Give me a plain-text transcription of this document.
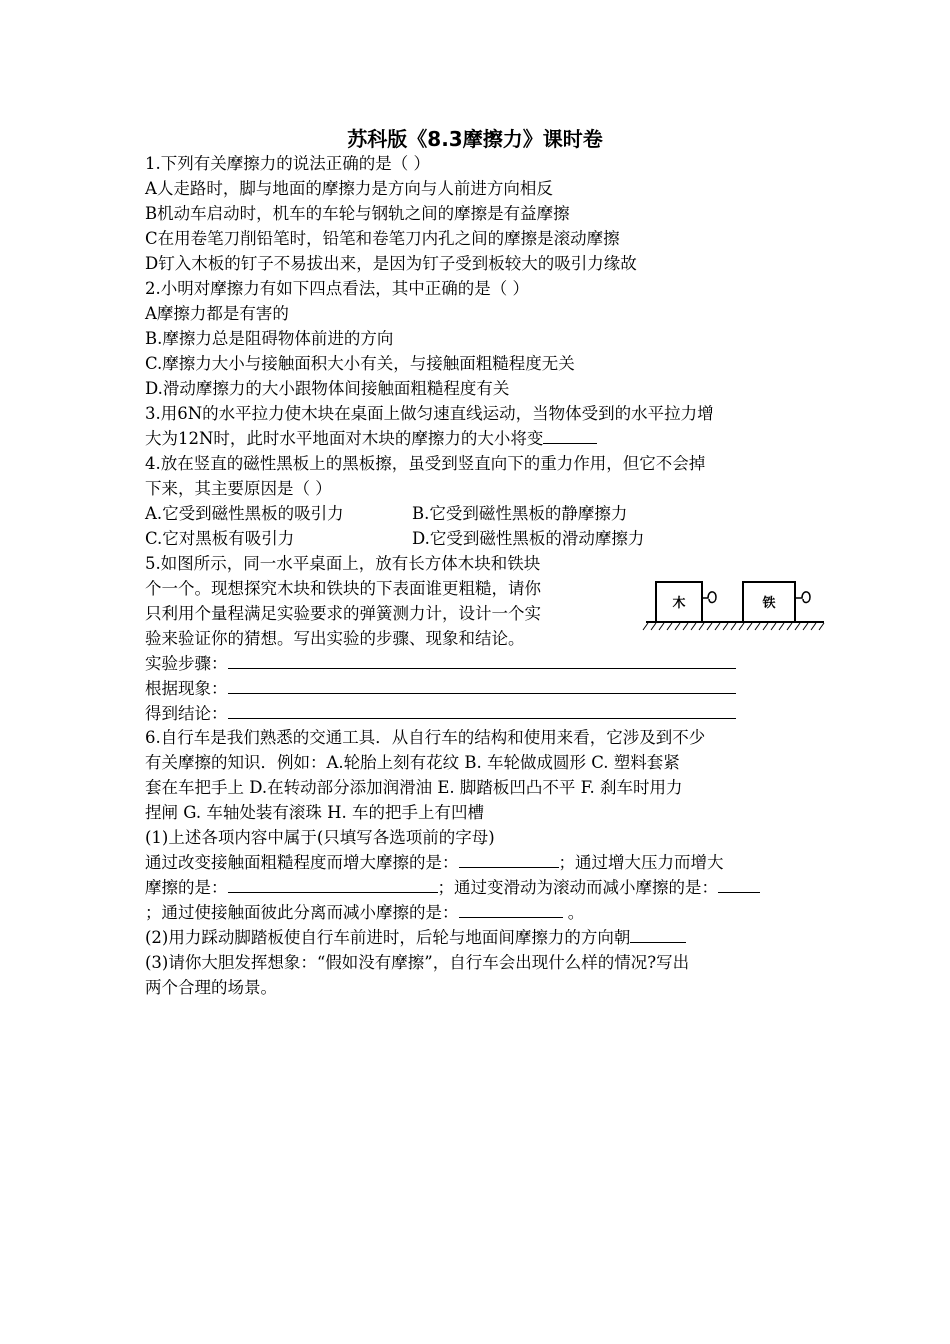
苏科版《8.3摩擦力》课时卷
1.下列有关摩擦力的说法正确的是（ ）
A人走路时，脚与地面的摩擦力是方向与人前进方向相反
B机动车启动时，机车的车轮与钢轨之间的摩擦是有益摩擦
C在用卷笔刀削铅笔时，铅笔和卷笔刀内孔之间的摩擦是滚动摩擦
D钉入木板的钉子不易拔出来，是因为钉子受到板较大的吸引力缘故
2.小明对摩擦力有如下四点看法，其中正确的是（ ）
A摩擦力都是有害的
B.摩擦力总是阻碍物体前进的方向
C.摩擦力大小与接触面积大小有关，与接触面粗糙程度无关
D.滑动摩擦力的大小跟物体间接触面粗糙程度有关
3.用6N的水平拉力使木块在桌面上做匀速直线运动，当物体受到的水平拉力增
大为12N时，此时水平地面对木块的摩擦力的大小将变
4.放在竖直的磁性黑板上的黑板擦，虽受到竖直向下的重力作用，但它不会掉
下来，其主要原因是（ ）
A.它受到磁性黑板的吸引力	B.它受到磁性黑板的静摩擦力
C.它对黑板有吸引力	D.它受到磁性黑板的滑动摩擦力
5.如图所示，同一水平桌面上，放有长方体木块和铁块
个一个。现想探究木块和铁块的下表面谁更粗糙，请你
只利用个量程满足实验要求的弹簧测力计，设计一个实
验来验证你的猜想。写出实验的步骤、现象和结论。
木	铁
实验步骤：
根据现象：
得到结论：
6.自行车是我们熟悉的交通工具．从自行车的结构和使用来看，它涉及到不少
有关摩擦的知识．例如：A.轮胎上刻有花纹 B. 车轮做成圆形 C. 塑料套紧
套在车把手上 D.在转动部分添加润滑油 E. 脚踏板凹凸不平 F. 刹车时用力
捏闸 G. 车轴处装有滚珠 H. 车的把手上有凹槽
(1)上述各项内容中属于(只填写各选项前的字母)
通过改变接触面粗糙程度而增大摩擦的是：	；通过增大压力而增大
摩擦的是：	；通过变滑动为滚动而减小摩擦的是：
；通过使接触面彼此分离而减小摩擦的是：	。
(2)用力踩动脚踏板使自行车前进时，后轮与地面间摩擦力的方向朝
(3)请你大胆发挥想象：“假如没有摩擦”，自行车会出现什么样的情况?写出
两个合理的场景。
